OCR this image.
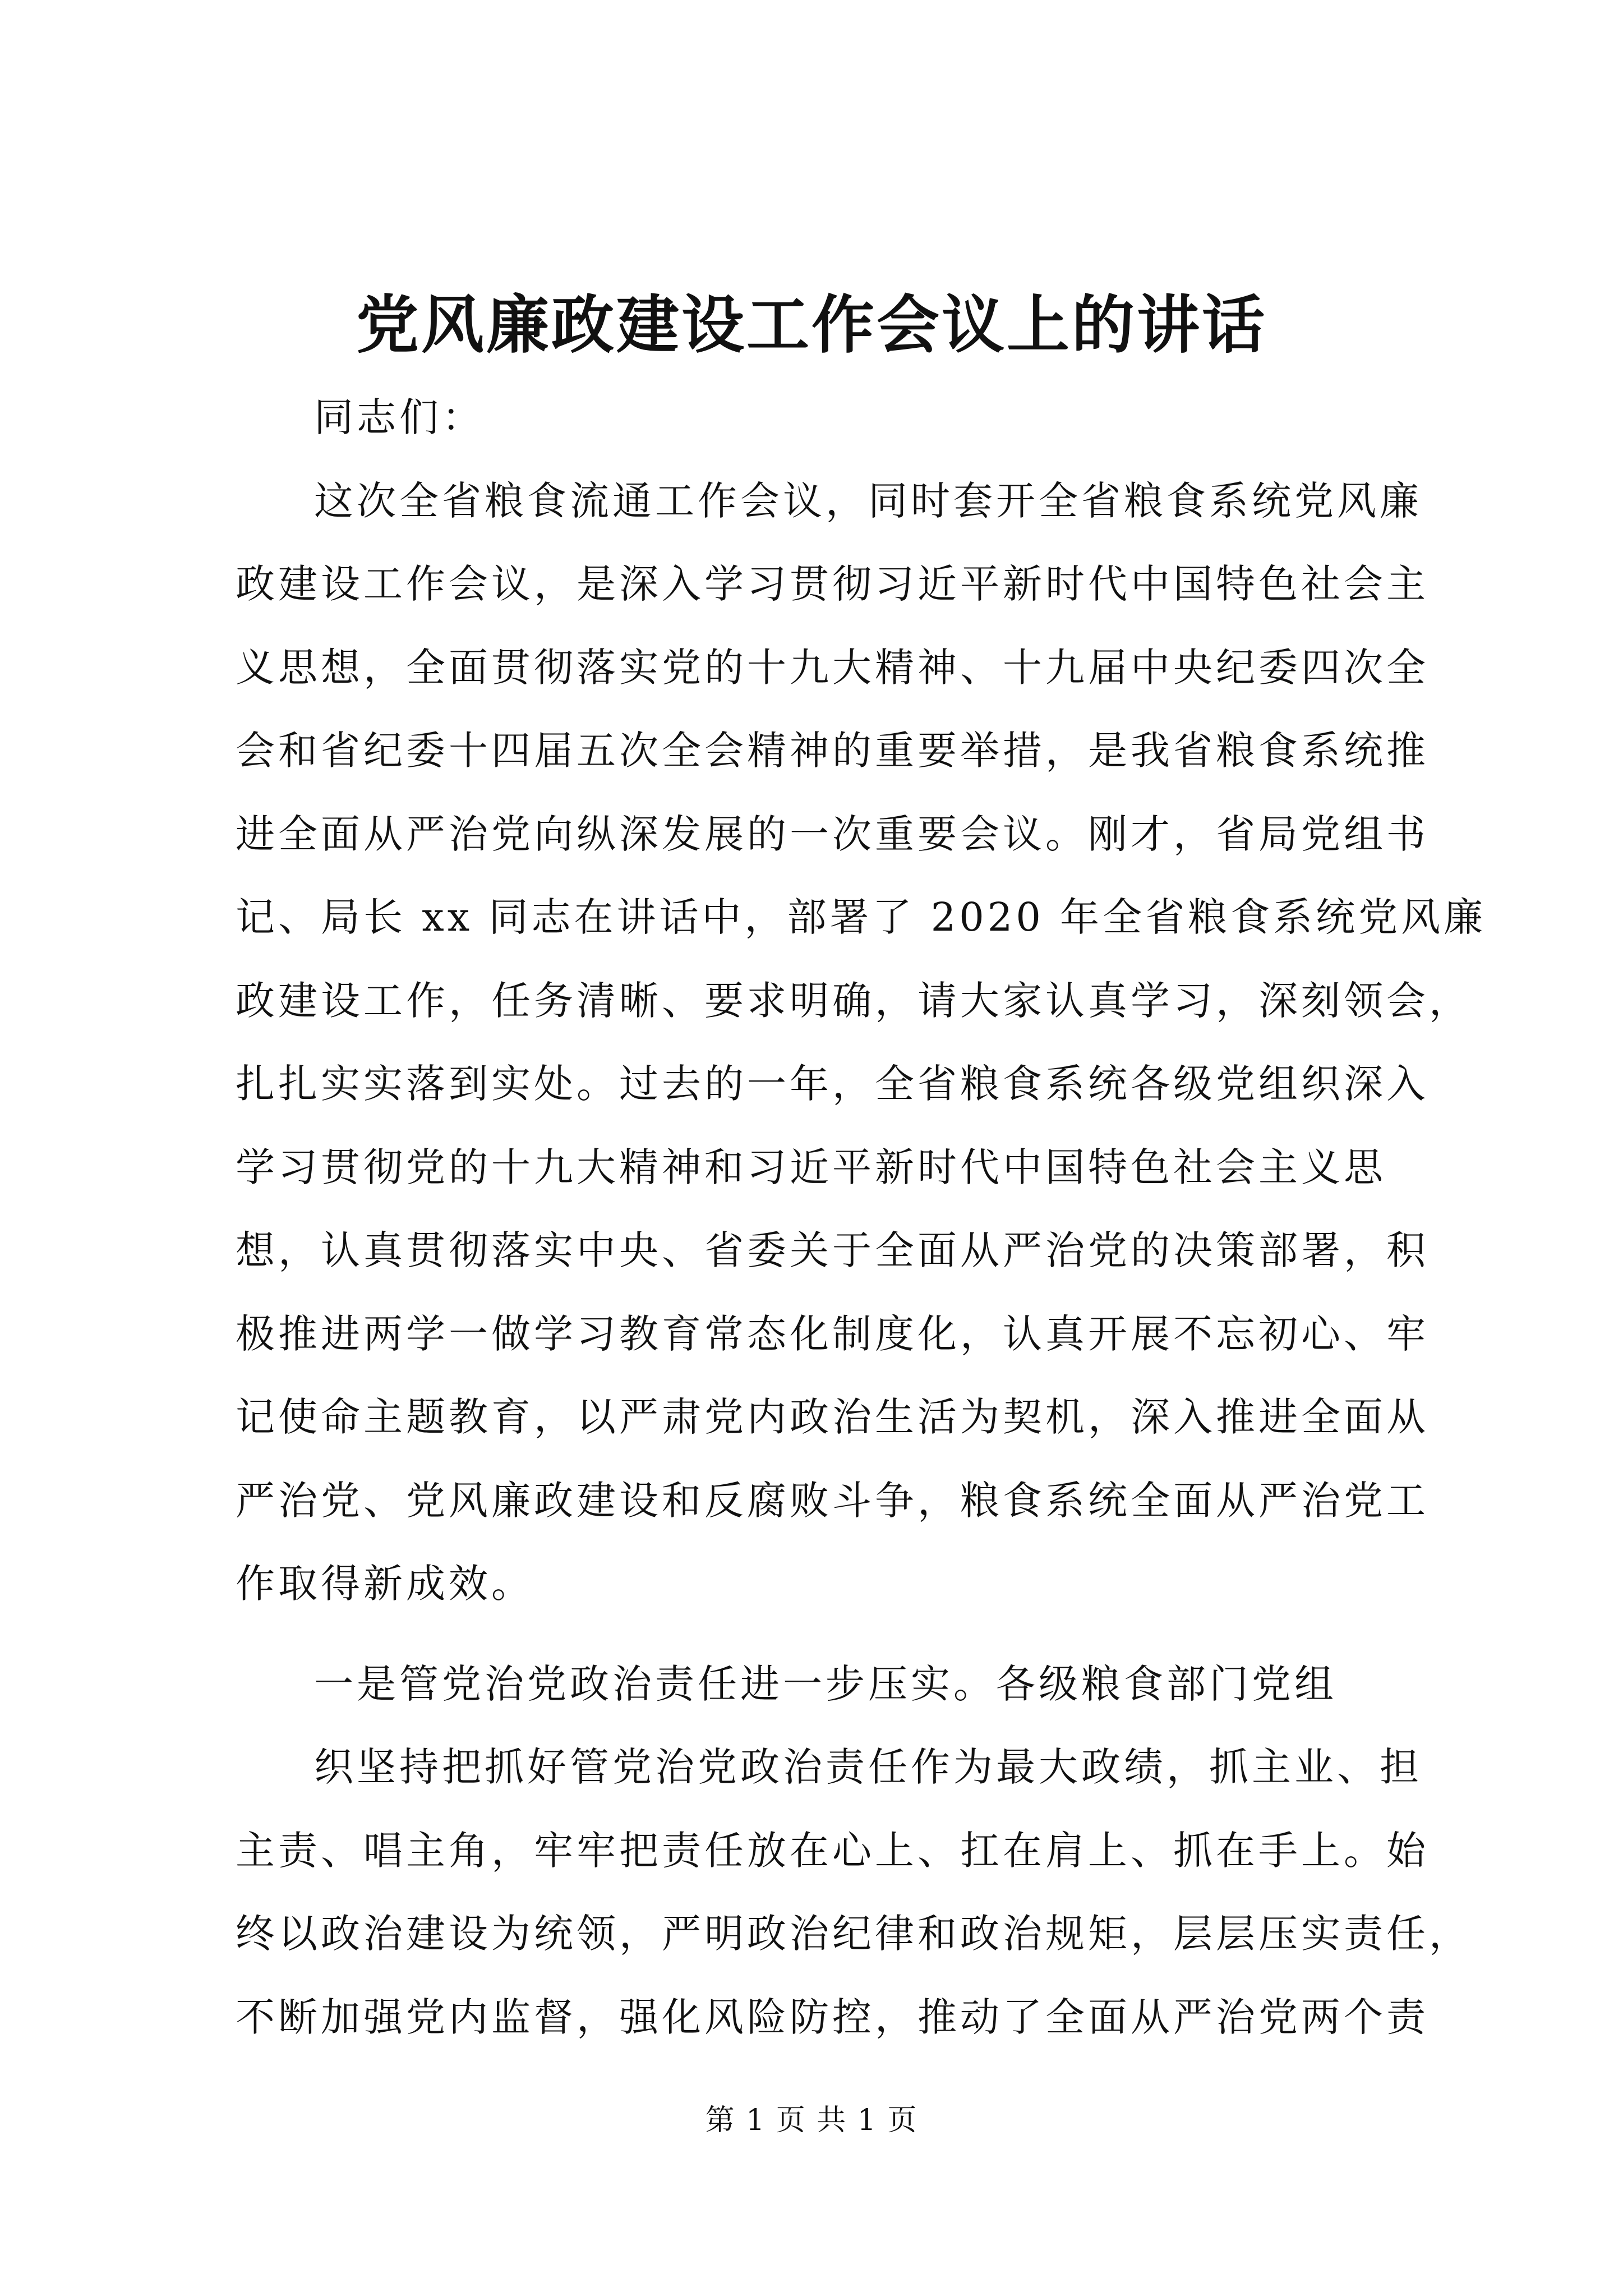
党风廉政建设工作会议上的讲话
同志们：
这次全省粮食流通工作会议，同时套开全省粮食系统党风廉
政建设工作会议，是深入学习贯彻习近平新时代中国特色社会主
义思想，全面贯彻落实党的十九大精神、十九届中央纪委四次全
会和省纪委十四届五次全会精神的重要举措，是我省粮食系统推
进全面从严治党向纵深发展的一次重要会议。刚才，省局党组书
记、局长 xx 同志在讲话中，部署了 2020 年全省粮食系统党风廉
政建设工作，任务清晰、要求明确，请大家认真学习，深刻领会，
扎扎实实落到实处。过去的一年，全省粮食系统各级党组织深入
学习贯彻党的十九大精神和习近平新时代中国特色社会主义思
想，认真贯彻落实中央、省委关于全面从严治党的决策部署，积
极推进两学一做学习教育常态化制度化，认真开展不忘初心、牢
记使命主题教育，以严肃党内政治生活为契机，深入推进全面从
严治党、党风廉政建设和反腐败斗争，粮食系统全面从严治党工
作取得新成效。
一是管党治党政治责任进一步压实。各级粮食部门党组
织坚持把抓好管党治党政治责任作为最大政绩，抓主业、担
主责、唱主角，牢牢把责任放在心上、扛在肩上、抓在手上。始
终以政治建设为统领，严明政治纪律和政治规矩，层层压实责任，
不断加强党内监督，强化风险防控，推动了全面从严治党两个责
第 1 页 共 1 页
